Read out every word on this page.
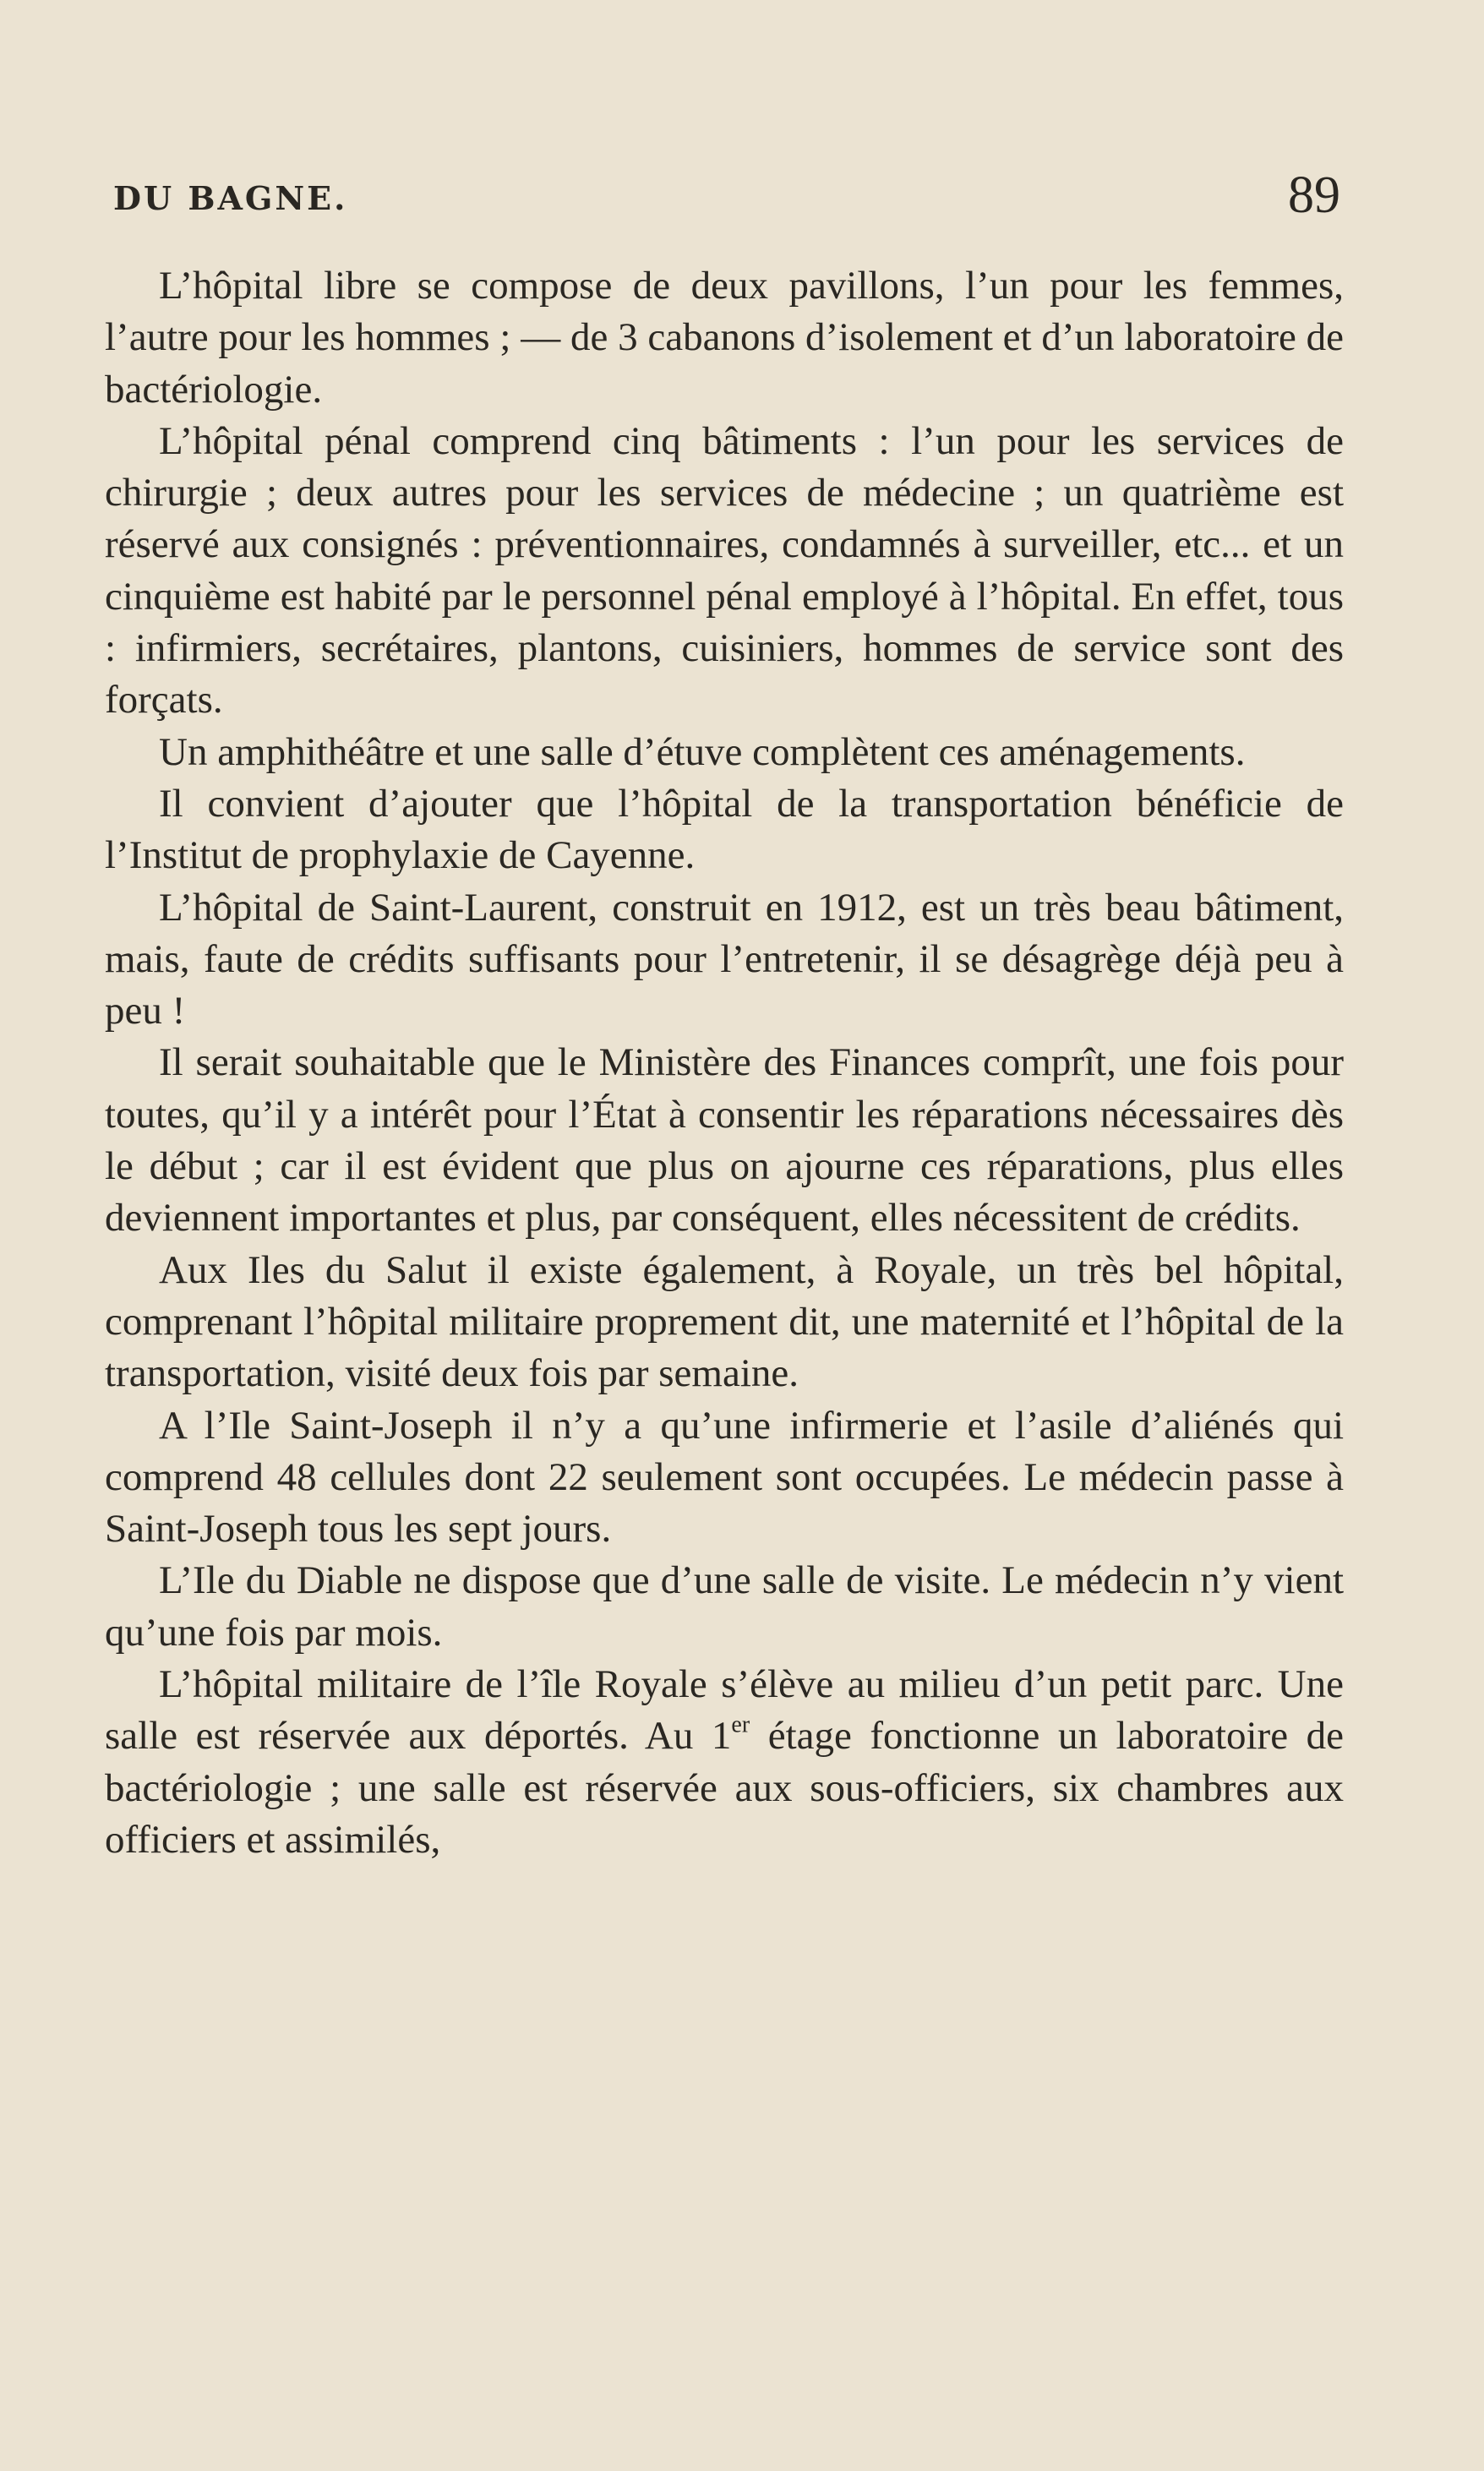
DU BAGNE.	89

L’hôpital libre se compose de deux pavillons, l’un pour les femmes, l’autre pour les hommes ; — de 3 cabanons d’isolement et d’un laboratoire de bactériologie.

L’hôpital pénal comprend cinq bâtiments : l’un pour les services de chirurgie ; deux autres pour les services de médecine ; un quatrième est réservé aux consignés : préventionnaires, condamnés à surveiller, etc... et un cinquième est habité par le personnel pénal employé à l’hôpital. En effet, tous : infirmiers, secrétaires, plantons, cuisiniers, hommes de service sont des forçats.

Un amphithéâtre et une salle d’étuve complètent ces aménagements.

Il convient d’ajouter que l’hôpital de la transportation bénéficie de l’Institut de prophylaxie de Cayenne.

L’hôpital de Saint-Laurent, construit en 1912, est un très beau bâtiment, mais, faute de crédits suffisants pour l’entretenir, il se désagrège déjà peu à peu !

Il serait souhaitable que le Ministère des Finances comprît, une fois pour toutes, qu’il y a intérêt pour l’État à consentir les réparations nécessaires dès le début ; car il est évident que plus on ajourne ces réparations, plus elles deviennent importantes et plus, par conséquent, elles nécessitent de crédits.

Aux Iles du Salut il existe également, à Royale, un très bel hôpital, comprenant l’hôpital militaire proprement dit, une maternité et l’hôpital de la transportation, visité deux fois par semaine.

A l’Ile Saint-Joseph il n’y a qu’une infirmerie et l’asile d’aliénés qui comprend 48 cellules dont 22 seulement sont occupées. Le médecin passe à Saint-Joseph tous les sept jours.

L’Ile du Diable ne dispose que d’une salle de visite. Le médecin n’y vient qu’une fois par mois.

L’hôpital militaire de l’île Royale s’élève au milieu d’un petit parc. Une salle est réservée aux déportés. Au 1er étage fonctionne un laboratoire de bactériologie ; une salle est réservée aux sous-officiers, six chambres aux officiers et assimilés,
